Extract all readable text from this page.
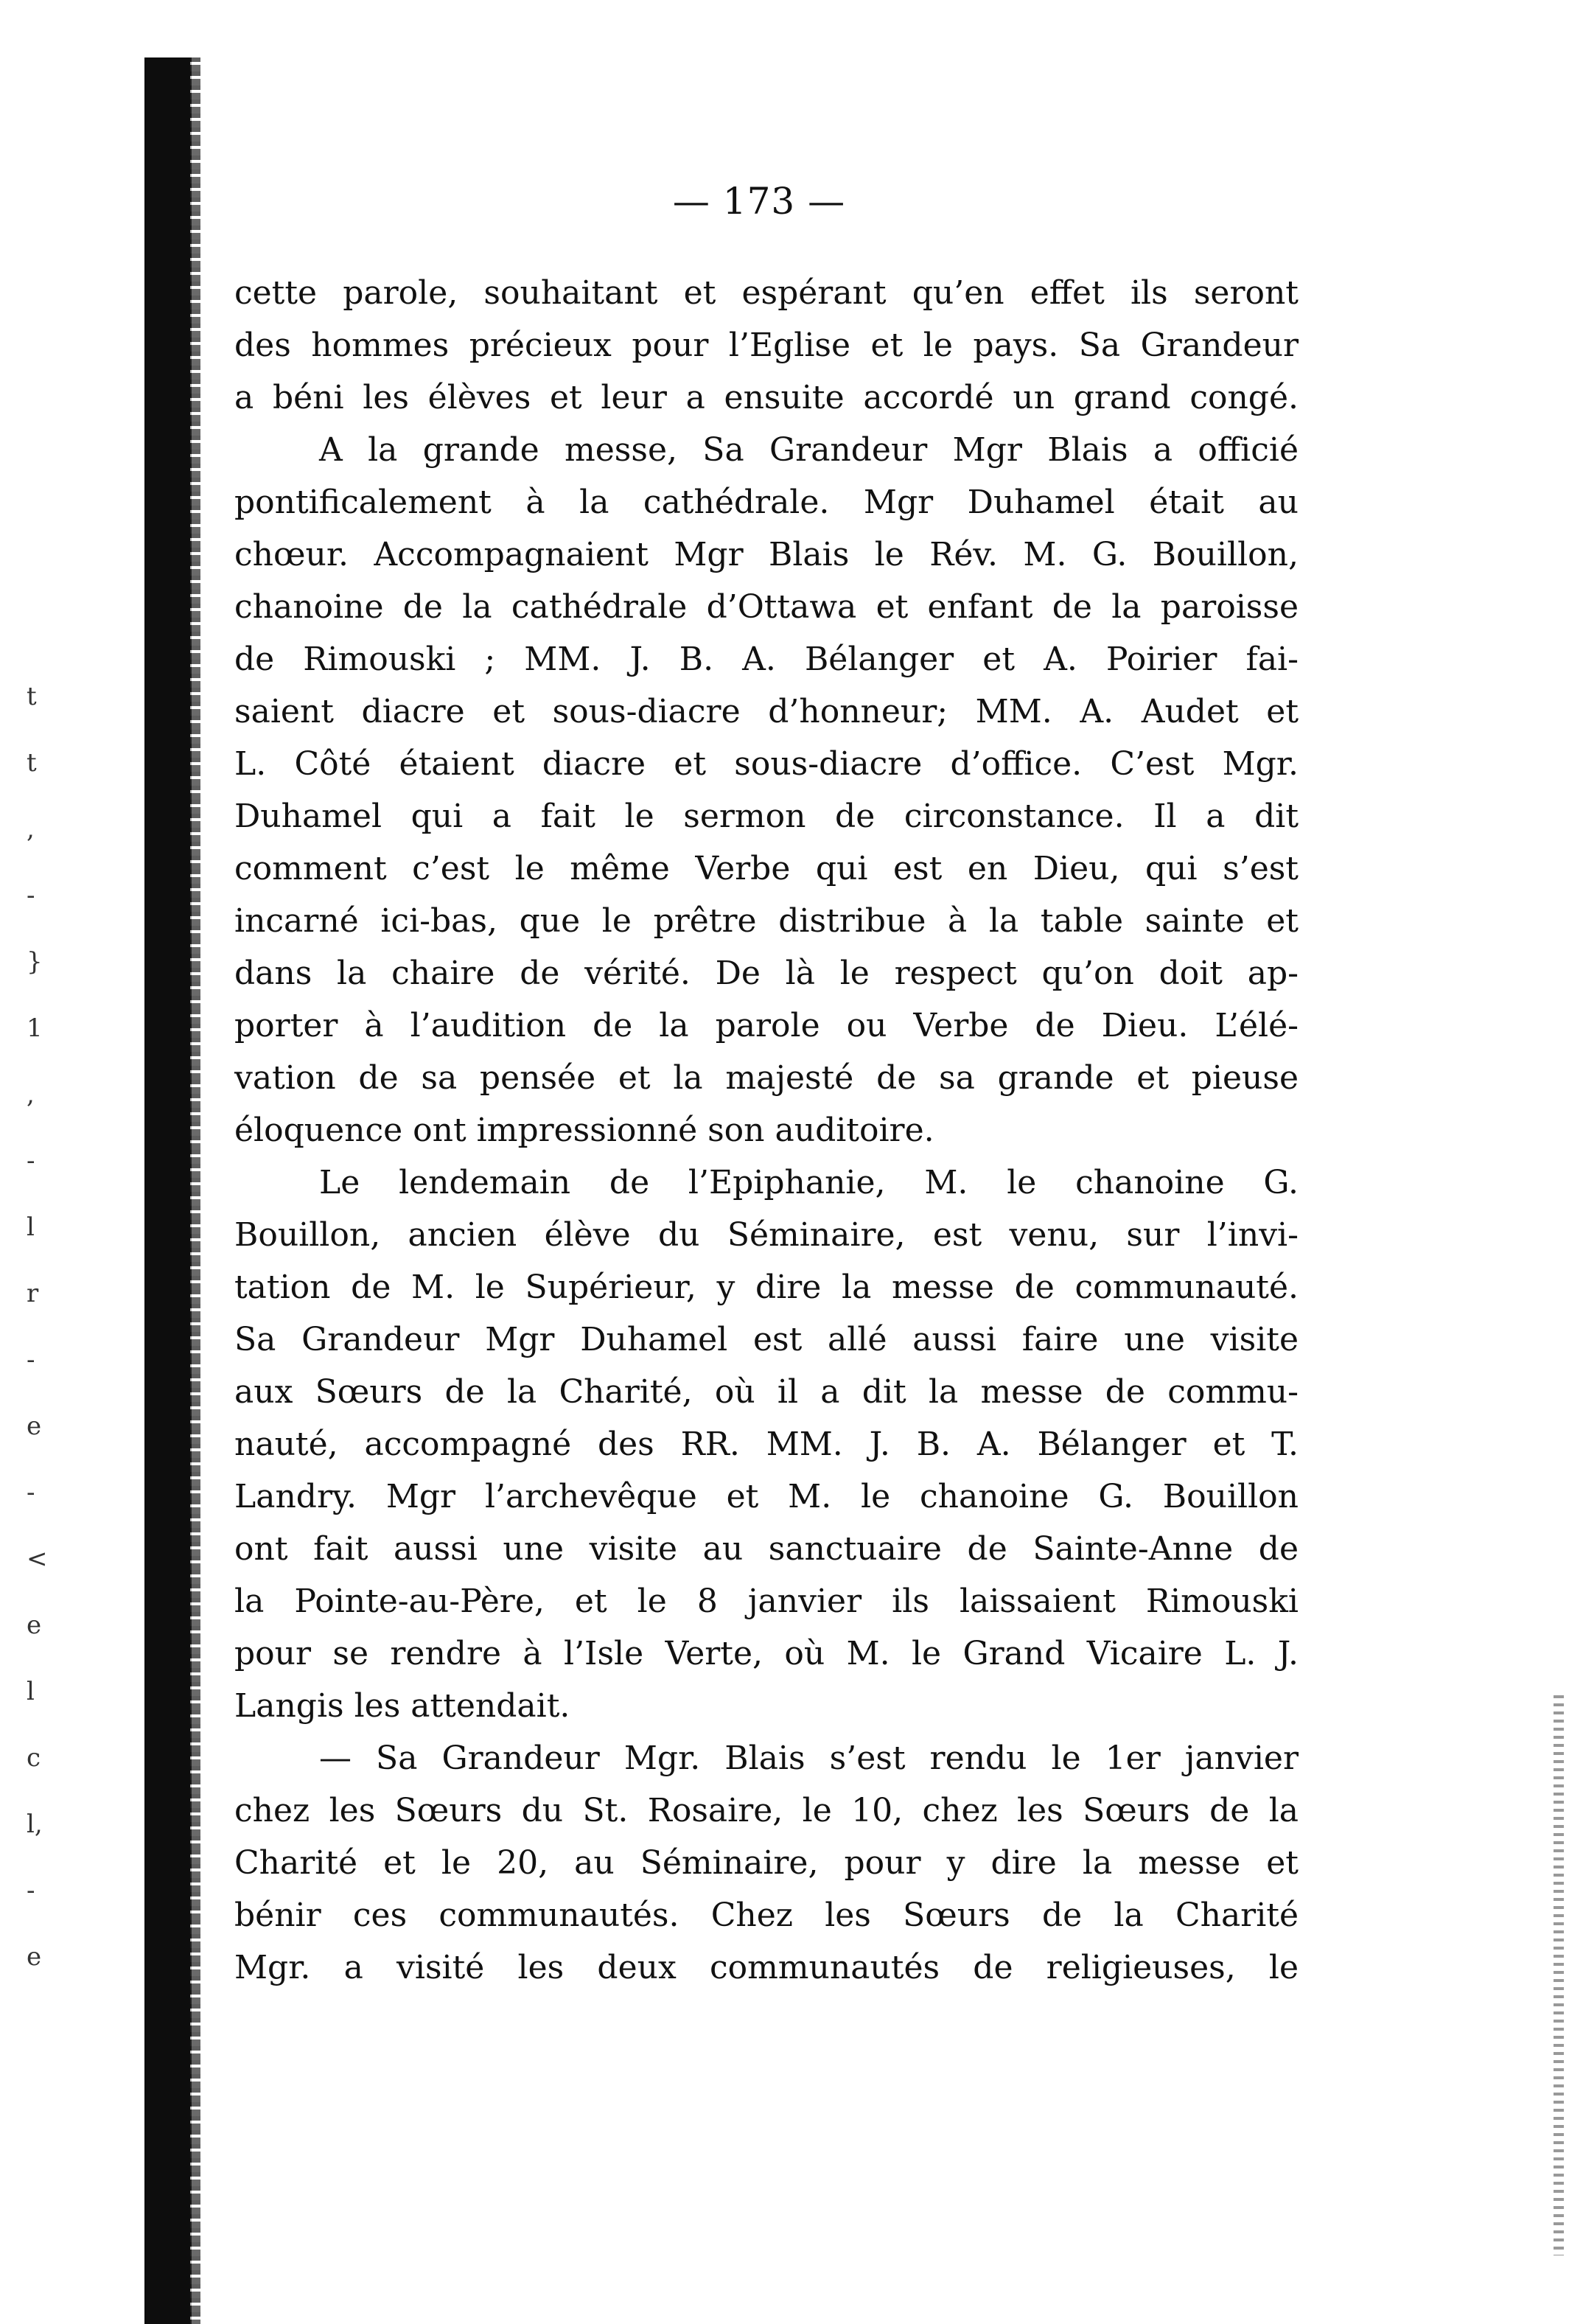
t
t
,
-
}
1
,
-
l
r
-
e
-
<
e
l
c
l,
-
e
— 173 —
cette parole, souhaitant et espérant qu’en effet ils seront
des hommes précieux pour l’Eglise et le pays. Sa Grandeur
a béni les élèves et leur a ensuite accordé un grand congé.
A la grande messe, Sa Grandeur Mgr Blais a officié
pontificalement à la cathédrale. Mgr Duhamel était au
chœur. Accompagnaient Mgr Blais le Rév. M. G. Bouillon,
chanoine de la cathédrale d’Ottawa et enfant de la paroisse
de Rimouski ; MM. J. B. A. Bélanger et A. Poirier fai-
saient diacre et sous-diacre d’honneur; MM. A. Audet et
L. Côté étaient diacre et sous-diacre d’office. C’est Mgr.
Duhamel qui a fait le sermon de circonstance. Il a dit
comment c’est le même Verbe qui est en Dieu, qui s’est
incarné ici-bas, que le prêtre distribue à la table sainte et
dans la chaire de vérité. De là le respect qu’on doit ap-
porter à l’audition de la parole ou Verbe de Dieu. L’élé-
vation de sa pensée et la majesté de sa grande et pieuse
éloquence ont impressionné son auditoire.
Le lendemain de l’Epiphanie, M. le chanoine G.
Bouillon, ancien élève du Séminaire, est venu, sur l’invi-
tation de M. le Supérieur, y dire la messe de communauté.
Sa Grandeur Mgr Duhamel est allé aussi faire une visite
aux Sœurs de la Charité, où il a dit la messe de commu-
nauté, accompagné des RR. MM. J. B. A. Bélanger et T.
Landry. Mgr l’archevêque et M. le chanoine G. Bouillon
ont fait aussi une visite au sanctuaire de Sainte-Anne de
la Pointe-au-Père, et le 8 janvier ils laissaient Rimouski
pour se rendre à l’Isle Verte, où M. le Grand Vicaire L. J.
Langis les attendait.
— Sa Grandeur Mgr. Blais s’est rendu le 1er janvier
chez les Sœurs du St. Rosaire, le 10, chez les Sœurs de la
Charité et le 20, au Séminaire, pour y dire la messe et
bénir ces communautés. Chez les Sœurs de la Charité
Mgr. a visité les deux communautés de religieuses, le
